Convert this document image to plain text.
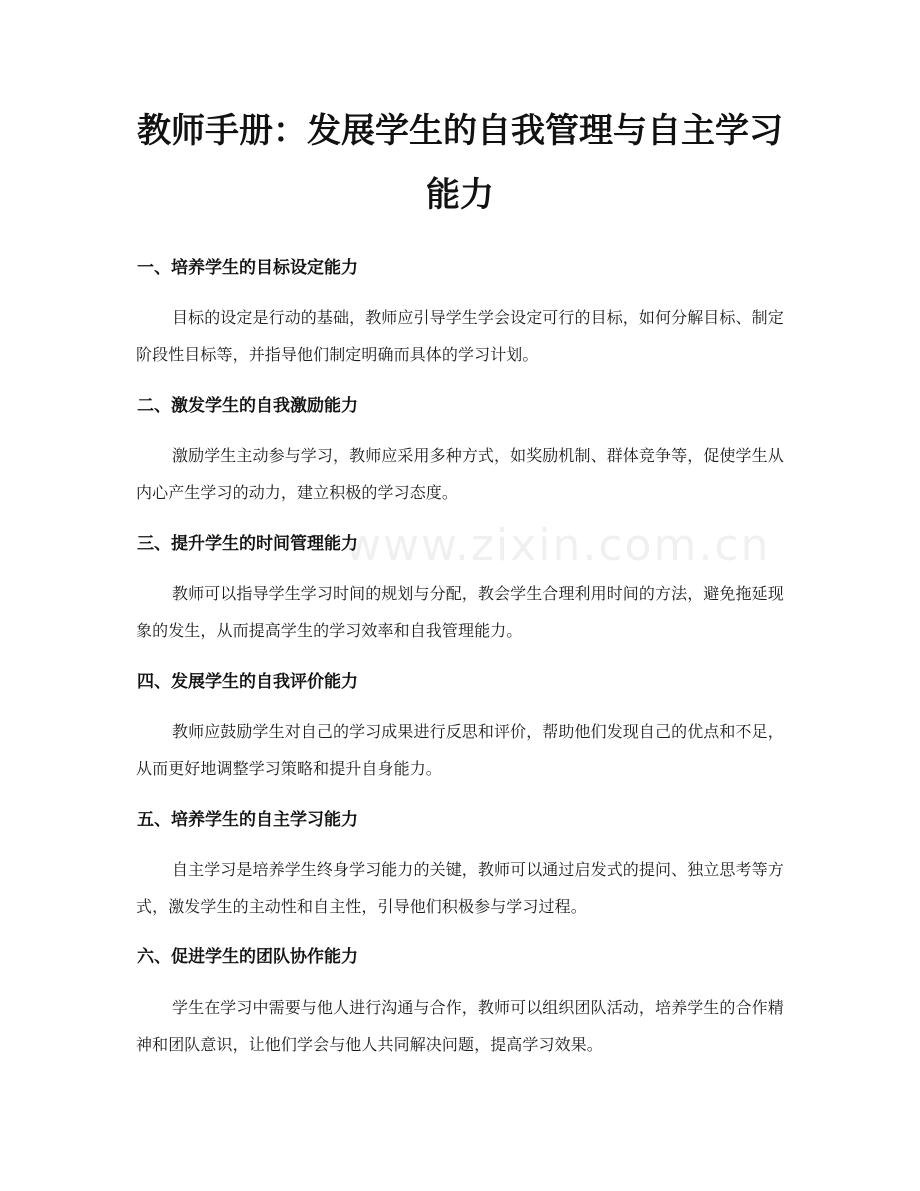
www.zixin.com.cn
教师手册：发展学生的自我管理与自主学习
能力
一、培养学生的目标设定能力

目标的设定是行动的基础，教师应引导学生学会设定可行的目标，如何分解目标、制定阶段性目标等，并指导他们制定明确而具体的学习计划。

二、激发学生的自我激励能力

激励学生主动参与学习，教师应采用多种方式，如奖励机制、群体竞争等，促使学生从内心产生学习的动力，建立积极的学习态度。

三、提升学生的时间管理能力

教师可以指导学生学习时间的规划与分配，教会学生合理利用时间的方法，避免拖延现象的发生，从而提高学生的学习效率和自我管理能力。

四、发展学生的自我评价能力

教师应鼓励学生对自己的学习成果进行反思和评价，帮助他们发现自己的优点和不足，从而更好地调整学习策略和提升自身能力。

五、培养学生的自主学习能力

自主学习是培养学生终身学习能力的关键，教师可以通过启发式的提问、独立思考等方式，激发学生的主动性和自主性，引导他们积极参与学习过程。

六、促进学生的团队协作能力

学生在学习中需要与他人进行沟通与合作，教师可以组织团队活动，培养学生的合作精神和团队意识，让他们学会与他人共同解决问题，提高学习效果。
